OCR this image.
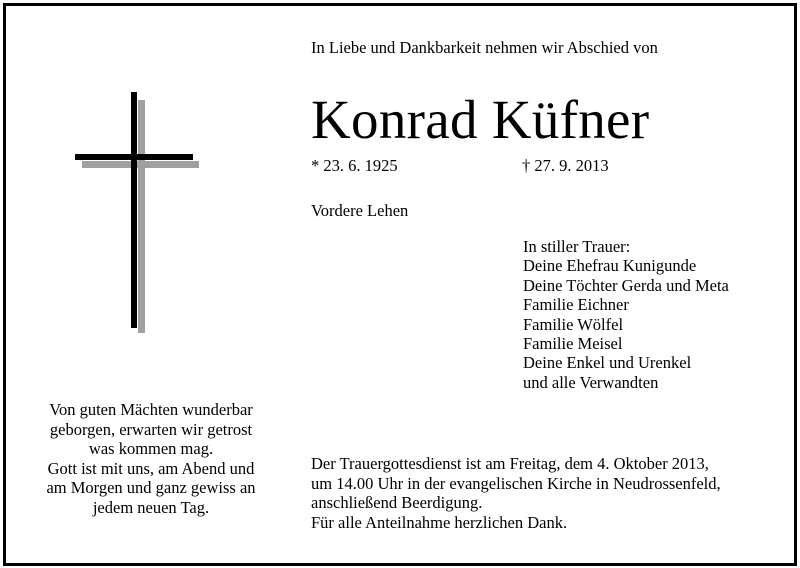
In Liebe und Dankbarkeit nehmen wir Abschied von
Konrad Küfner
* 23. 6. 1925	† 27. 9. 2013
Vordere Lehen
In stiller Trauer:
Deine Ehefrau Kunigunde
Deine Töchter Gerda und Meta
Familie Eichner
Familie Wölfel
Familie Meisel
Deine Enkel und Urenkel
und alle Verwandten
Von guten Mächten wunderbar
geborgen, erwarten wir getrost
was kommen mag.
Gott ist mit uns, am Abend und
am Morgen und ganz gewiss an
jedem neuen Tag.
Der Trauergottesdienst ist am Freitag, dem 4. Oktober 2013,
um 14.00 Uhr in der evangelischen Kirche in Neudrossenfeld,
anschließend Beerdigung.
Für alle Anteilnahme herzlichen Dank.
